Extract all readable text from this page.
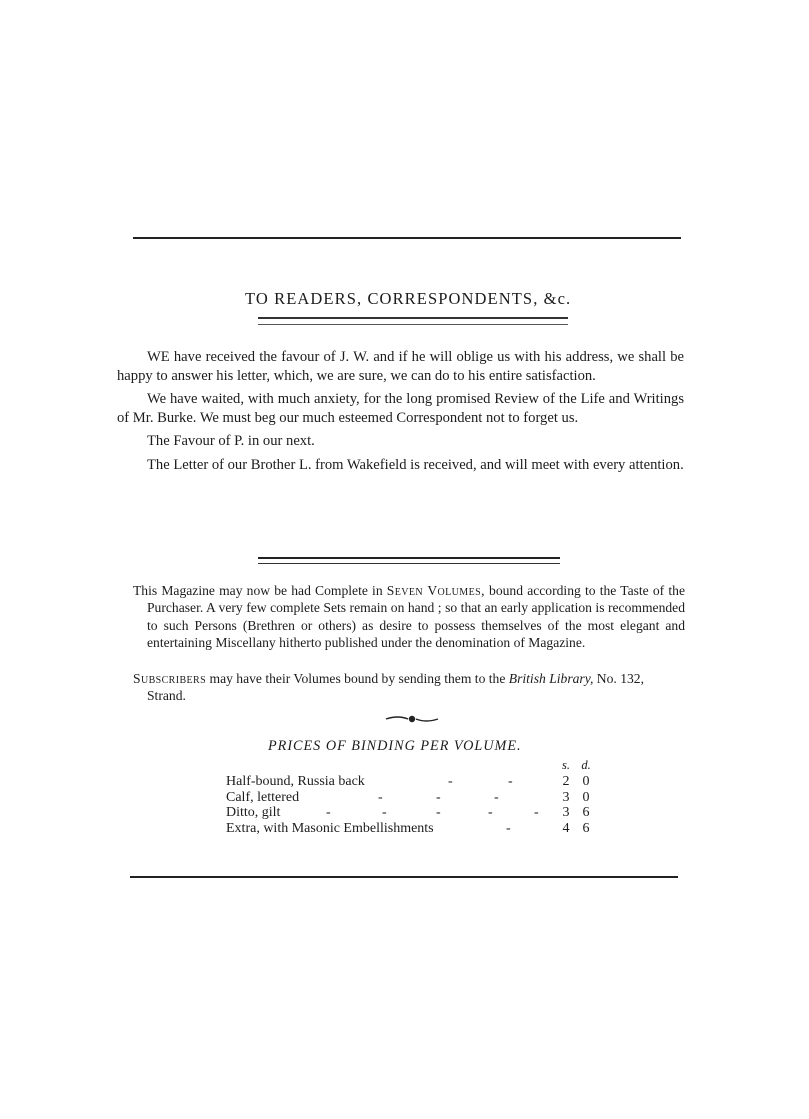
TO READERS, CORRESPONDENTS, &c.

WE have received the favour of J. W. and if he will oblige us with his address, we shall be happy to answer his letter, which, we are sure, we can do to his entire satisfaction.

We have waited, with much anxiety, for the long promised Review of the Life and Writings of Mr. Burke. We must beg our much esteemed Correspondent not to forget us.

The Favour of P. in our next.

The Letter of our Brother L. from Wakefield is received, and will meet with every attention.

This Magazine may now be had Complete in Seven Volumes, bound according to the Taste of the Purchaser. A very few complete Sets remain on hand ; so that an early application is recommended to such Persons (Brethren or others) as desire to possess themselves of the most elegant and entertaining Miscellany hitherto published under the denomination of Magazine.
Subscribers may have their Volumes bound by sending them to the British Library, No. 132, Strand.
PRICES OF BINDING PER VOLUME.
s. d.
Half-bound, Russia back	-	-	2 0
Calf, lettered	-	-	-	3 0
Ditto, gilt	-	-	-	-	- 3 6
Extra, with Masonic Embellishments	-	4 6
